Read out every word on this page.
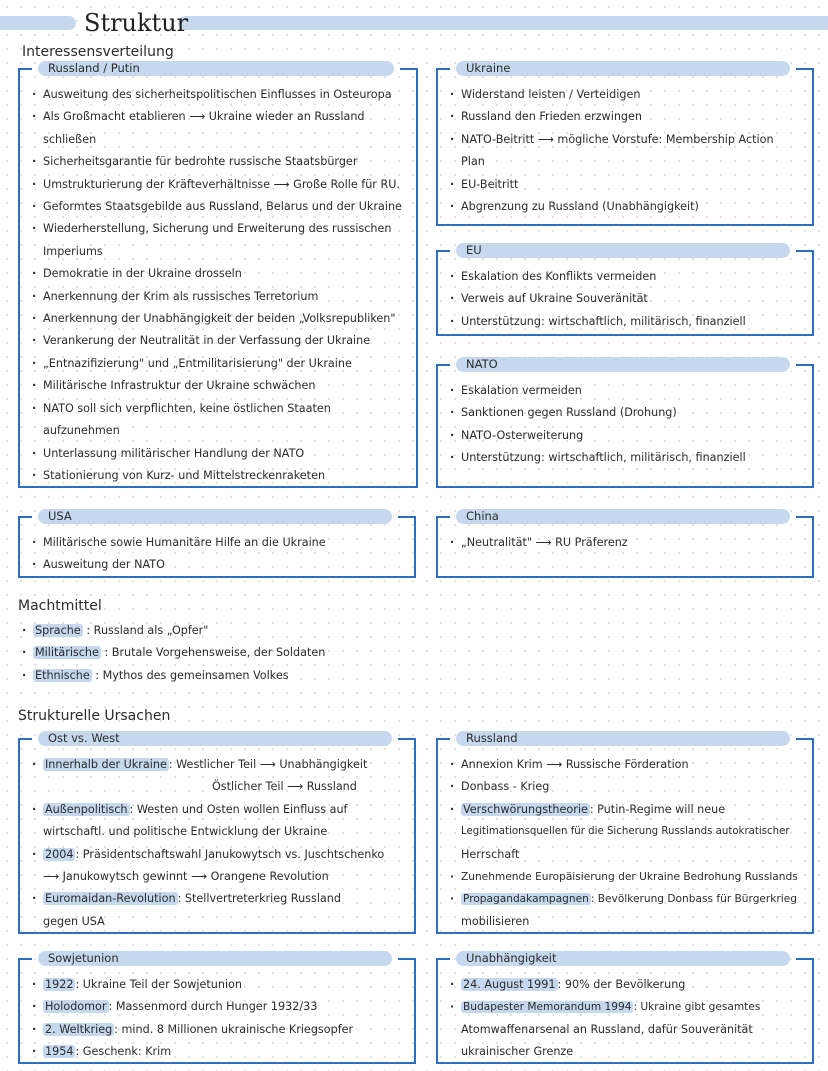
Struktur
Interessensverteilung
Russland / Putin
· Ausweitung des sicherheitspolitischen Einflusses in Osteuropa
· Als Großmacht etablieren ⟶ Ukraine wieder an Russland
schließen
· Sicherheitsgarantie für bedrohte russische Staatsbürger
· Umstrukturierung der Kräfteverhältnisse ⟶ Große Rolle für RU.
· Geformtes Staatsgebilde aus Russland, Belarus und der Ukraine
· Wiederherstellung, Sicherung und Erweiterung des russischen
Imperiums
· Demokratie in der Ukraine drosseln
· Anerkennung der Krim als russisches Terretorium
· Anerkennung der Unabhängigkeit der beiden „Volksrepubliken"
· Verankerung der Neutralität in der Verfassung der Ukraine
· „Entnazifizierung" und „Entmilitarisierung" der Ukraine
· Militärische Infrastruktur der Ukraine schwächen
· NATO soll sich verpflichten, keine östlichen Staaten
aufzunehmen
· Unterlassung militärischer Handlung der NATO
· Stationierung von Kurz- und Mittelstreckenraketen
Ukraine
· Widerstand leisten / Verteidigen
· Russland den Frieden erzwingen
· NATO-Beitritt ⟶ mögliche Vorstufe: Membership Action
Plan
· EU-Beitritt
· Abgrenzung zu Russland (Unabhängigkeit)
EU
· Eskalation des Konflikts vermeiden
· Verweis auf Ukraine Souveränität
· Unterstützung: wirtschaftlich, militärisch, finanziell
NATO
· Eskalation vermeiden
· Sanktionen gegen Russland (Drohung)
· NATO-Osterweiterung
· Unterstützung: wirtschaftlich, militärisch, finanziell
USA
· Militärische sowie Humanitäre Hilfe an die Ukraine
· Ausweitung der NATO
China
· „Neutralität" ⟶ RU Präferenz
Machtmittel
· Sprache : Russland als „Opfer"
· Militärische : Brutale Vorgehensweise, der Soldaten
· Ethnische : Mythos des gemeinsamen Volkes
Strukturelle Ursachen
Ost vs. West
· Innerhalb der Ukraine : Westlicher Teil ⟶ Unabhängigkeit
Östlicher Teil ⟶ Russland
· Außenpolitisch : Westen und Osten wollen Einfluss auf
wirtschaftl. und politische Entwicklung der Ukraine
· 2004 : Präsidentschaftswahl Janukowytsch vs. Juschtschenko
⟶ Janukowytsch gewinnt ⟶ Orangene Revolution
· Euromaidan-Revolution : Stellvertreterkrieg Russland
gegen USA
Russland
· Annexion Krim ⟶ Russische Förderation
· Donbass - Krieg
· Verschwörungstheorie : Putin-Regime will neue
Legitimationsquellen für die Sicherung Russlands autokratischer
Herrschaft
· Zunehmende Europäisierung der Ukraine Bedrohung Russlands
· Propagandakampagnen : Bevölkerung Donbass für Bürgerkrieg
mobilisieren
Sowjetunion
· 1922 : Ukraine Teil der Sowjetunion
· Holodomor : Massenmord durch Hunger 1932/33
· 2. Weltkrieg : mind. 8 Millionen ukrainische Kriegsopfer
· 1954 : Geschenk: Krim
Unabhängigkeit
· 24. August 1991 : 90% der Bevölkerung
· Budapester Memorandum 1994 : Ukraine gibt gesamtes
Atomwaffenarsenal an Russland, dafür Souveränität
ukrainischer Grenze
